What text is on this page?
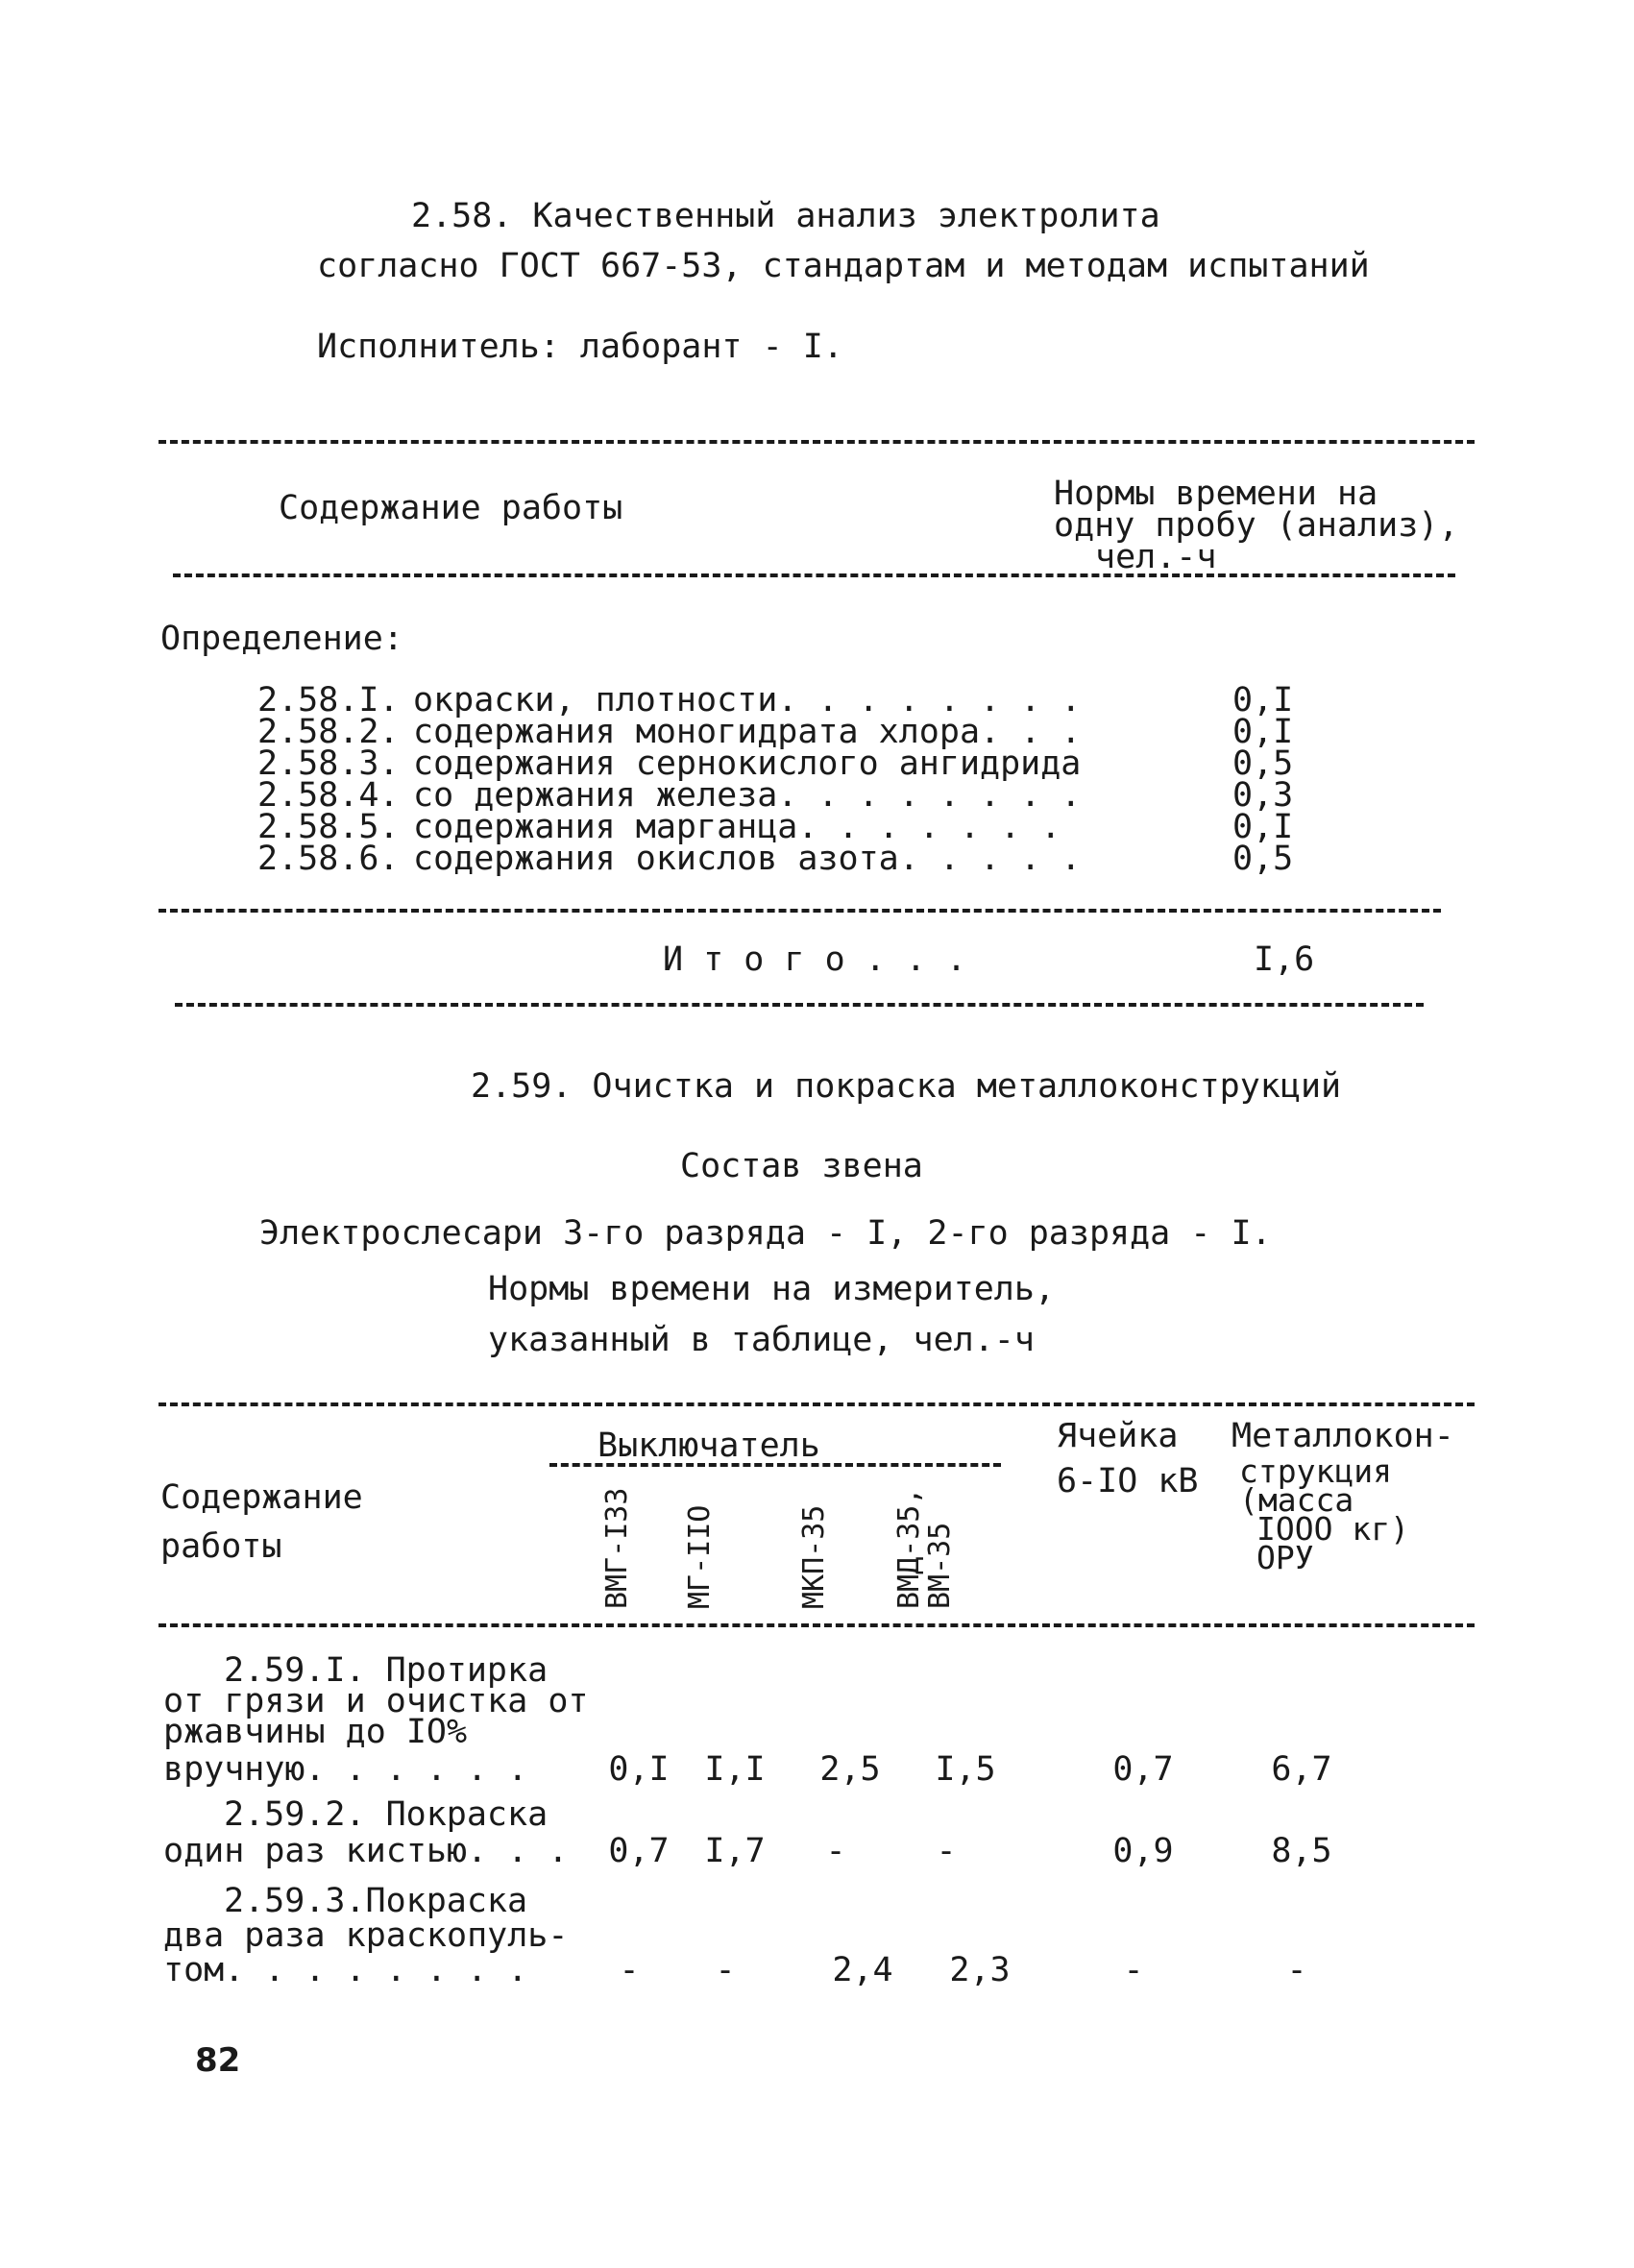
2.58. Качественный анализ электролита
согласно ГОСТ 667-53, стандартам и методам испытаний
Исполнитель: лаборант - I.
Содержание работы	Нормы времени на
одну пробу (анализ),
чел.-ч
Определение:
2.58.I. окраски, плотности. . . . . . . .	0,I
2.58.2. содержания моногидрата хлора. . .	0,I
2.58.3. содержания сернокислого ангидрида	0,5
2.58.4. со держания железа. . . . . . . .	0,3
2.58.5. содержания марганца. . . . . . .	0,I
2.58.6. содержания окислов азота. . . . .	0,5
И т о г о . . .	I,6
2.59. Очистка и покраска металлоконструкций
Состав звена
Электрослесари 3-го разряда - I, 2-го разряда - I.
Нормы времени на измеритель,
указанный в таблице, чел.-ч
Содержание
работы
Выключатель
ВМГ-I33 МГ-IIO	МКП-35 ВМД-35,
ВМ-35
Ячейка
6-IO кВ
Металлокон-
струкция
(масса
IOOO кг)
ОРУ
2.59.I. Протирка
от грязи и очистка от
ржавчины до IO%
вручную. . . . . .	0,I	I,I	2,5	I,5	0,7	6,7
2.59.2. Покраска
один раз кистью. . .	0,7	I,7	-	-	0,9	8,5
2.59.3.Покраска
два раза краскопуль-
том. . . . . . . .	-	-	2,4	2,3	-	-
82
